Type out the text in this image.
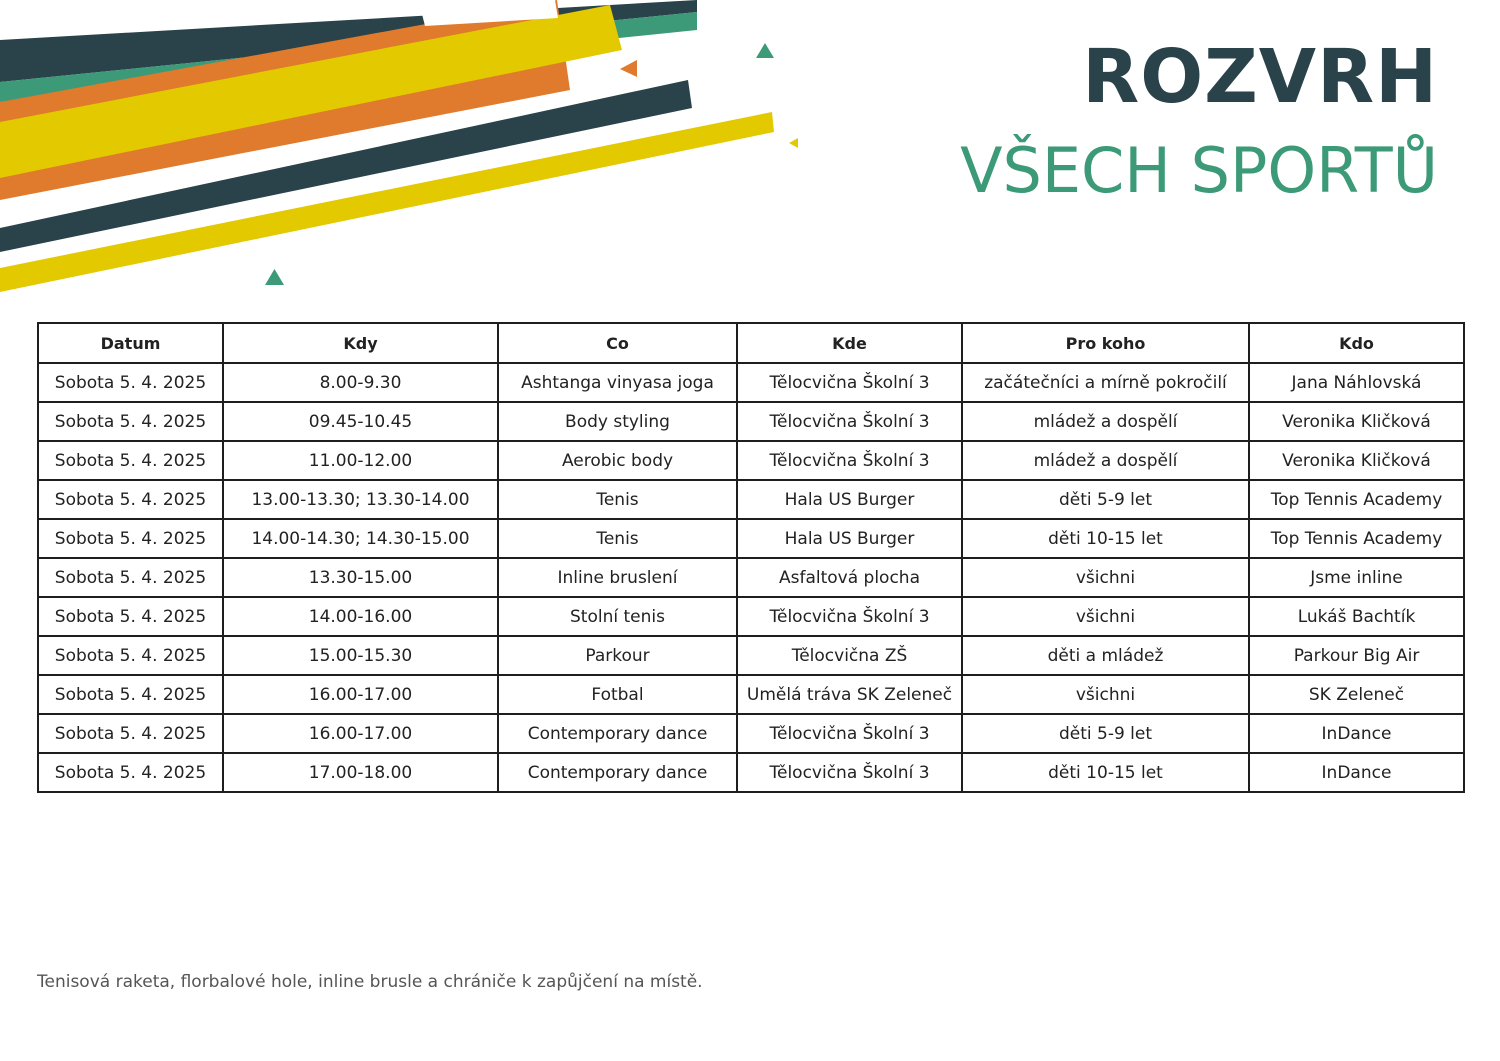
ROZVRH
VŠECH SPORTŮ
Datum	Kdy	Co	Kde	Pro koho	Kdo
Sobota 5. 4. 2025	8.00-9.30	Ashtanga vinyasa joga	Tělocvična Školní 3	začátečníci a mírně pokročilí	Jana Náhlovská
Sobota 5. 4. 2025	09.45-10.45	Body styling	Tělocvična Školní 3	mládež a dospělí	Veronika Kličková
Sobota 5. 4. 2025	11.00-12.00	Aerobic body	Tělocvična Školní 3	mládež a dospělí	Veronika Kličková
Sobota 5. 4. 2025	13.00-13.30; 13.30-14.00	Tenis	Hala US Burger	děti 5-9 let	Top Tennis Academy
Sobota 5. 4. 2025	14.00-14.30; 14.30-15.00	Tenis	Hala US Burger	děti 10-15 let	Top Tennis Academy
Sobota 5. 4. 2025	13.30-15.00	Inline bruslení	Asfaltová plocha	všichni	Jsme inline
Sobota 5. 4. 2025	14.00-16.00	Stolní tenis	Tělocvična Školní 3	všichni	Lukáš Bachtík
Sobota 5. 4. 2025	15.00-15.30	Parkour	Tělocvična ZŠ	děti a mládež	Parkour Big Air
Sobota 5. 4. 2025	16.00-17.00	Fotbal	Umělá tráva SK Zeleneč	všichni	SK Zeleneč
Sobota 5. 4. 2025	16.00-17.00	Contemporary dance	Tělocvična Školní 3	děti 5-9 let	InDance
Sobota 5. 4. 2025	17.00-18.00	Contemporary dance	Tělocvična Školní 3	děti 10-15 let	InDance
Tenisová raketa, florbalové hole, inline brusle a chrániče k zapůjčení na místě.
